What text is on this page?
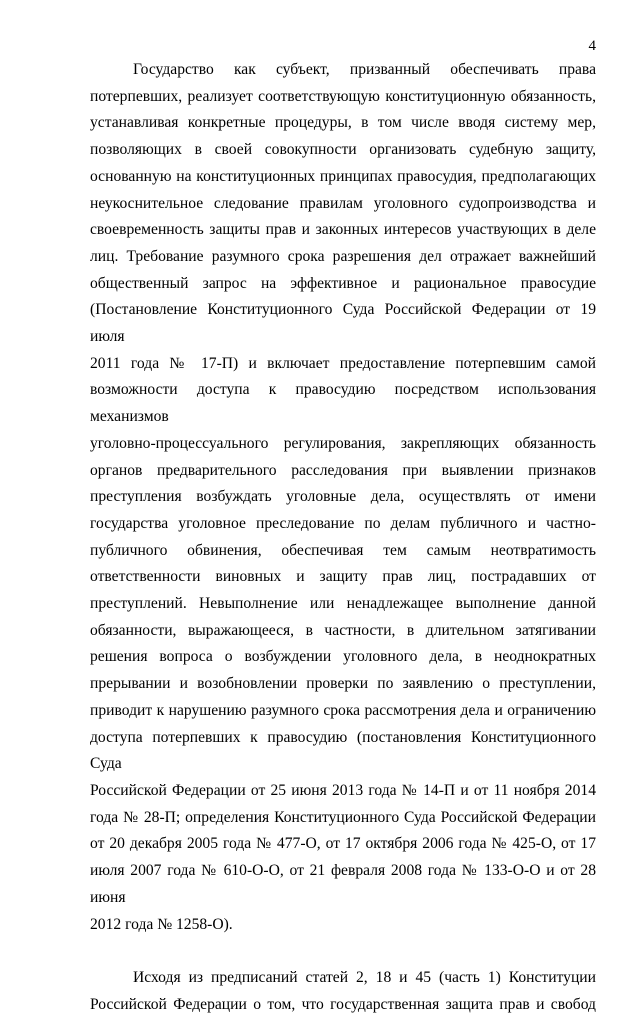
4

Государство как субъект, призванный обеспечивать права

потерпевших, реализует соответствующую конституционную обязанность,

устанавливая конкретные процедуры, в том числе вводя систему мер,

позволяющих в своей совокупности организовать судебную защиту,

основанную на конституционных принципах правосудия, предполагающих

неукоснительное следование правилам уголовного судопроизводства и

своевременность защиты прав и законных интересов участвующих в деле

лиц. Требование разумного срока разрешения дел отражает важнейший

общественный запрос на эффективное и рациональное правосудие

(Постановление Конституционного Суда Российской Федерации от 19 июля

2011 года № 17-П) и включает предоставление потерпевшим самой

возможности доступа к правосудию посредством использования механизмов

уголовно-процессуального регулирования, закрепляющих обязанность

органов предварительного расследования при выявлении признаков

преступления возбуждать уголовные дела, осуществлять от имени

государства уголовное преследование по делам публичного и частно-

публичного обвинения, обеспечивая тем самым неотвратимость

ответственности виновных и защиту прав лиц, пострадавших от

преступлений. Невыполнение или ненадлежащее выполнение данной

обязанности, выражающееся, в частности, в длительном затягивании

решения вопроса о возбуждении уголовного дела, в неоднократных

прерывании и возобновлении проверки по заявлению о преступлении,

приводит к нарушению разумного срока рассмотрения дела и ограничению

доступа потерпевших к правосудию (постановления Конституционного Суда

Российской Федерации от 25 июня 2013 года № 14-П и от 11 ноября 2014

года № 28-П; определения Конституционного Суда Российской Федерации

от 20 декабря 2005 года № 477-О, от 17 октября 2006 года № 425-О, от 17

июля 2007 года № 610-О-О, от 21 февраля 2008 года № 133-О-О и от 28 июня

2012 года № 1258-О).

Исходя из предписаний статей 2, 18 и 45 (часть 1) Конституции

Российской Федерации о том, что государственная защита прав и свобод
